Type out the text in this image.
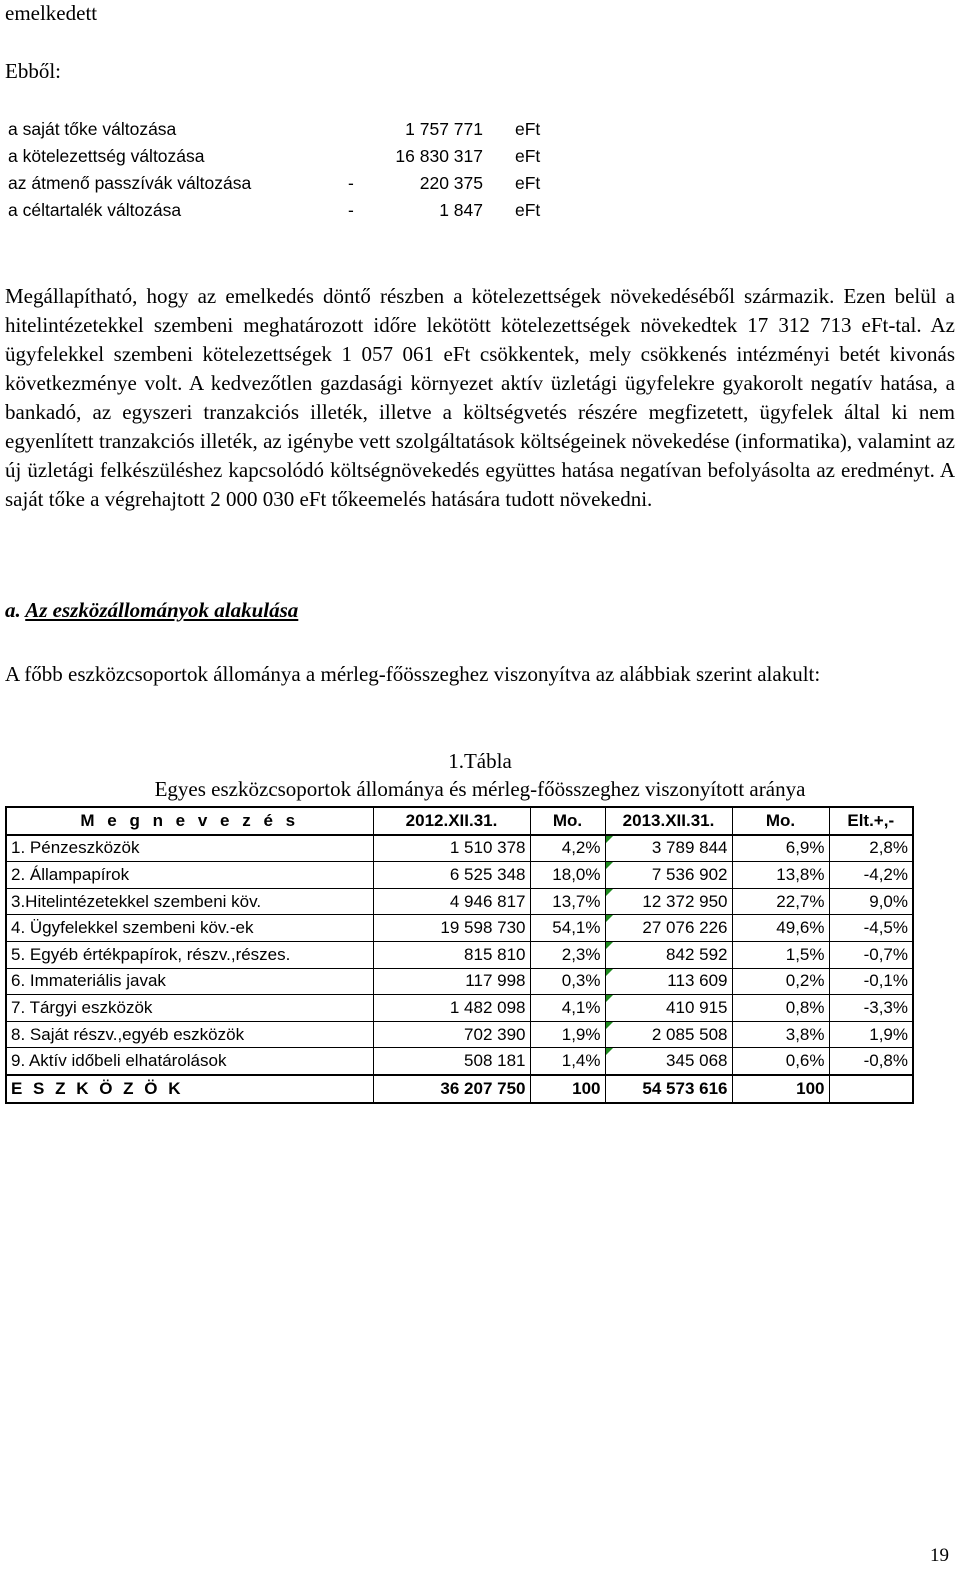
emelkedett
Ebből:
a saját tőke változása	1 757 771 eFt
a kötelezettség változása	16 830 317 eFt
az átmenő passzívák változása	-	220 375 eFt
a céltartalék változása	-	1 847 eFt

Megállapítható, hogy az emelkedés döntő részben a kötelezettségek növekedéséből származik. Ezen belül a hitelintézetekkel szembeni meghatározott időre lekötött kötelezettségek növekedtek 17 312 713 eFt-tal. Az ügyfelekkel szembeni kötelezettségek 1 057 061 eFt csökkentek, mely csökkenés intézményi betét kivonás következménye volt. A kedvezőtlen gazdasági környezet aktív üzletági ügyfelekre gyakorolt negatív hatása, a bankadó, az egyszeri tranzakciós illeték, illetve a költségvetés részére megfizetett, ügyfelek által ki nem egyenlített tranzakciós illeték, az igénybe vett szolgáltatások költségeinek növekedése (informatika), valamint az új üzletági felkészüléshez kapcsolódó költségnövekedés együttes hatása negatívan befolyásolta az eredményt. A saját tőke a végrehajtott 2 000 030 eFt tőkeemelés hatására tudott növekedni.

a. Az eszközállományok alakulása

A főbb eszközcsoportok állománya a mérleg-főösszeghez viszonyítva az alábbiak szerint alakult:

1.Tábla
Egyes eszközcsoportok állománya és mérleg-főösszeghez viszonyított aránya
M e g n e v e z é s	2012.XII.31.	Mo.	2013.XII.31.	Mo.	Elt.+,-
1. Pénzeszközök	1 510 378	4,2%	3 789 844	6,9%	2,8%
2. Állampapírok	6 525 348	18,0%	7 536 902	13,8%	-4,2%
3.Hitelintézetekkel szembeni köv.	4 946 817	13,7%	12 372 950	22,7%	9,0%
4. Ügyfelekkel szembeni köv.-ek	19 598 730	54,1%	27 076 226	49,6%	-4,5%
5. Egyéb értékpapírok, részv.,részes.	815 810	2,3%	842 592	1,5%	-0,7%
6. Immateriális javak	117 998	0,3%	113 609	0,2%	-0,1%
7. Tárgyi eszközök	1 482 098	4,1%	410 915	0,8%	-3,3%
8. Saját részv.,egyéb eszközök	702 390	1,9%	2 085 508	3,8%	1,9%
9. Aktív időbeli elhatárolások	508 181	1,4%	345 068	0,6%	-0,8%
E S Z K Ö Z Ö K	36 207 750	100	54 573 616	100	
19
